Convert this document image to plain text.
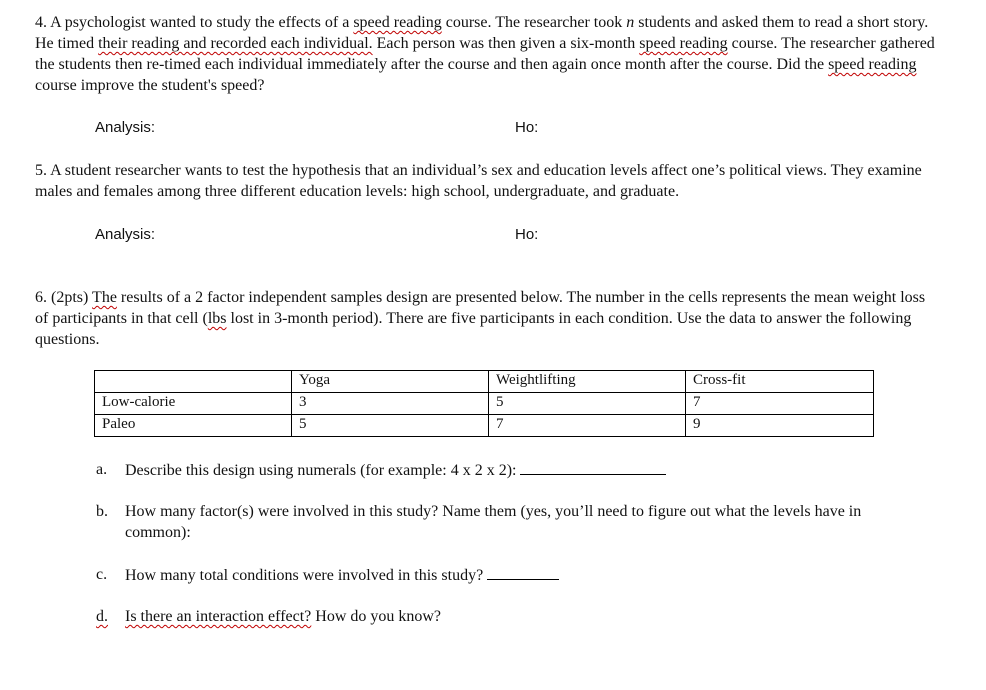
4. A psychologist wanted to study the effects of a speed reading course. The researcher took n students and asked them to read a short story. He timed their reading and recorded each individual. Each person was then given a six-month speed reading course. The researcher gathered the students then re-timed each individual immediately after the course and then again once month after the course. Did the speed reading course improve the student's speed?

Analysis:	Ho:

5. A student researcher wants to test the hypothesis that an individual’s sex and education levels affect one’s political views. They examine males and females among three different education levels: high school, undergraduate, and graduate.

Analysis:	Ho:

6. (2pts) The results of a 2 factor independent samples design are presented below. The number in the cells represents the mean weight loss of participants in that cell (lbs lost in 3-month period). There are five participants in each condition. Use the data to answer the following questions.

	Yoga	Weightlifting	Cross-fit
Low-calorie	3	5	7
Paleo	5	7	9
a.	Describe this design using numerals (for example: 4 x 2 x 2):
b.	How many factor(s) were involved in this study? Name them (yes, you’ll need to figure out what the levels have in common):
c.	How many total conditions were involved in this study?
d.	Is there an interaction effect? How do you know?
